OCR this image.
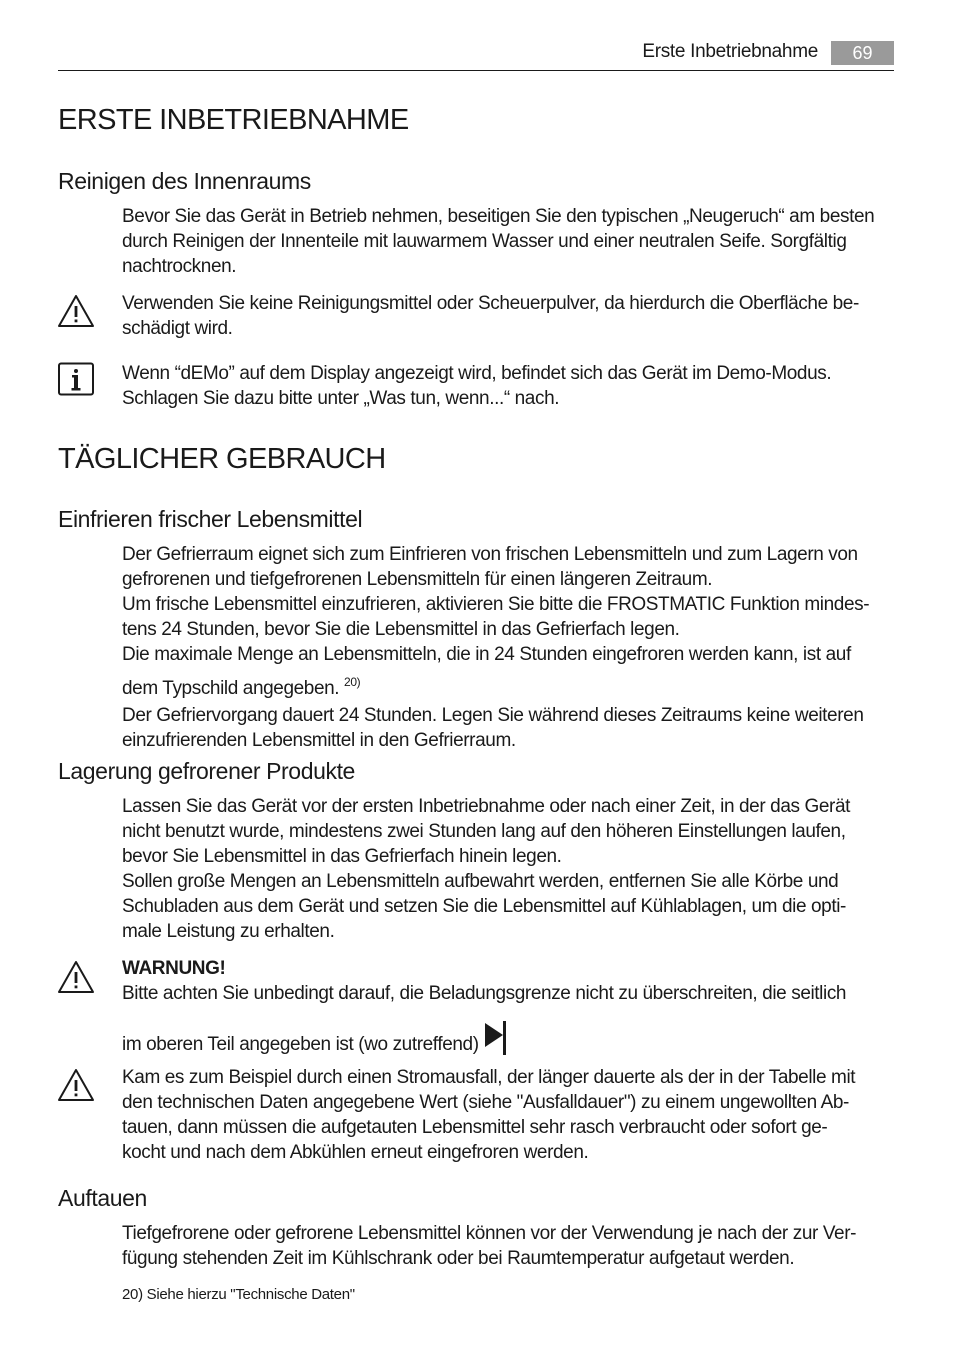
Erste Inbetriebnahme	69
ERSTE INBETRIEBNAHME
Reinigen des Innenraums
Bevor Sie das Gerät in Betrieb nehmen, beseitigen Sie den typischen „Neugeruch“ am besten
durch Reinigen der Innenteile mit lauwarmem Wasser und einer neutralen Seife. Sorgfältig
nachtrocknen.
Verwenden Sie keine Reinigungsmittel oder Scheuerpulver, da hierdurch die Oberfläche be-
schädigt wird.
Wenn “dEMo” auf dem Display angezeigt wird, befindet sich das Gerät im Demo-Modus.
Schlagen Sie dazu bitte unter „Was tun, wenn...“ nach.
TÄGLICHER GEBRAUCH
Einfrieren frischer Lebensmittel
Der Gefrierraum eignet sich zum Einfrieren von frischen Lebensmitteln und zum Lagern von
gefrorenen und tiefgefrorenen Lebensmitteln für einen längeren Zeitraum.
Um frische Lebensmittel einzufrieren, aktivieren Sie bitte die FROSTMATIC Funktion mindes-
tens 24 Stunden, bevor Sie die Lebensmittel in das Gefrierfach legen.
Die maximale Menge an Lebensmitteln, die in 24 Stunden eingefroren werden kann, ist auf
dem Typschild angegeben. $^{20)}$
Der Gefriervorgang dauert 24 Stunden. Legen Sie während dieses Zeitraums keine weiteren
einzufrierenden Lebensmittel in den Gefrierraum.
Lagerung gefrorener Produkte
Lassen Sie das Gerät vor der ersten Inbetriebnahme oder nach einer Zeit, in der das Gerät
nicht benutzt wurde, mindestens zwei Stunden lang auf den höheren Einstellungen laufen,
bevor Sie Lebensmittel in das Gefrierfach hinein legen.
Sollen große Mengen an Lebensmitteln aufbewahrt werden, entfernen Sie alle Körbe und
Schubladen aus dem Gerät und setzen Sie die Lebensmittel auf Kühlablagen, um die opti-
male Leistung zu erhalten.
WARNUNG!
Bitte achten Sie unbedingt darauf, die Beladungsgrenze nicht zu überschreiten, die seitlich
im oberen Teil angegeben ist (wo zutreffend)
Kam es zum Beispiel durch einen Stromausfall, der länger dauerte als der in der Tabelle mit
den technischen Daten angegebene Wert (siehe "Ausfalldauer") zu einem ungewollten Ab-
tauen, dann müssen die aufgetauten Lebensmittel sehr rasch verbraucht oder sofort ge-
kocht und nach dem Abkühlen erneut eingefroren werden.
Auftauen
Tiefgefrorene oder gefrorene Lebensmittel können vor der Verwendung je nach der zur Ver-
fügung stehenden Zeit im Kühlschrank oder bei Raumtemperatur aufgetaut werden.
20) Siehe hierzu "Technische Daten"
